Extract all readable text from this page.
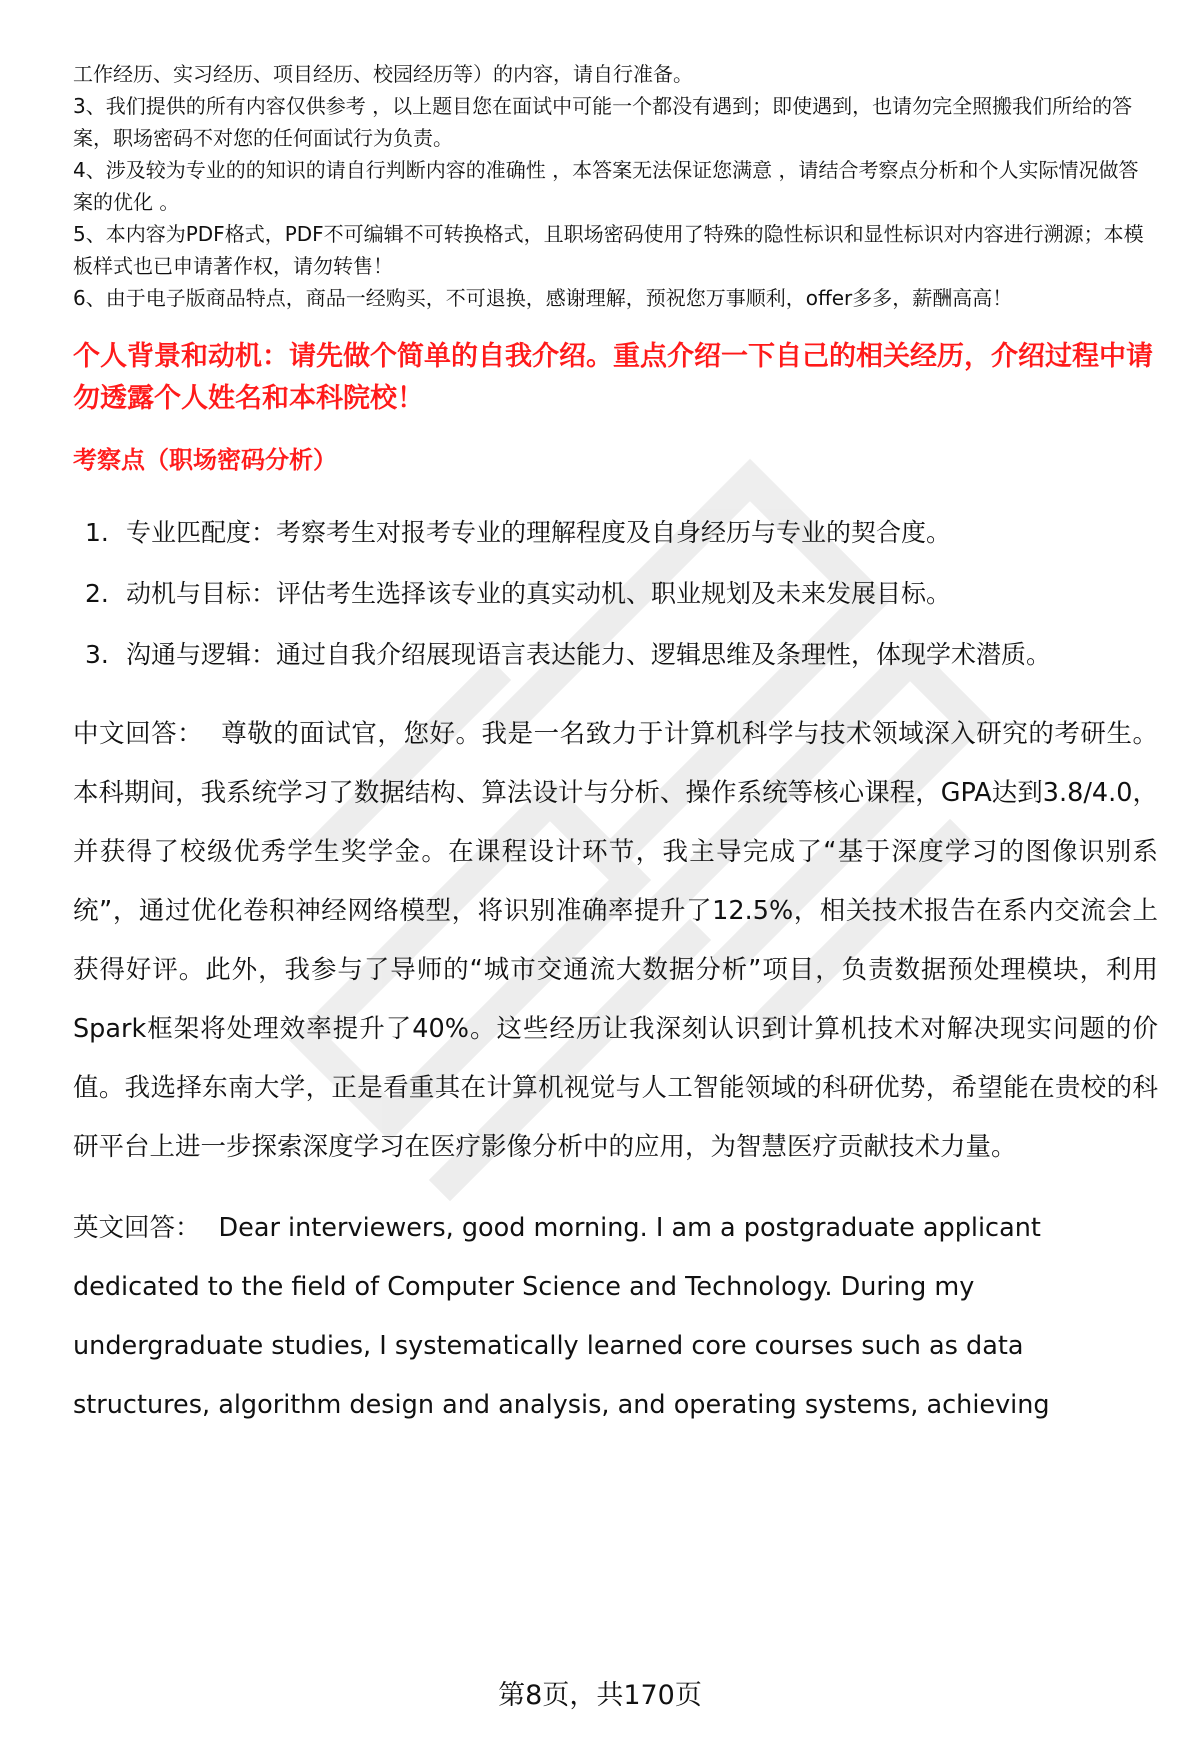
工作经历、实习经历、项目经历、校园经历等）的内容，请自行准备。

3、我们提供的所有内容仅供参考 ，以上题目您在面试中可能一个都没有遇到；即使遇到，也请勿完全照搬我们所给的答案，职场密码不对您的任何面试行为负责。

4、涉及较为专业的的知识的请自行判断内容的准确性 ，本答案无法保证您满意 ，请结合考察点分析和个人实际情况做答案的优化 。

5、本内容为PDF格式，PDF不可编辑不可转换格式，且职场密码使用了特殊的隐性标识和显性标识对内容进行溯源；本模板样式也已申请著作权，请勿转售！

6、由于电子版商品特点，商品一经购买，不可退换，感谢理解，预祝您万事顺利，offer多多，薪酬高高！

个人背景和动机：请先做个简单的自我介绍。重点介绍一下自己的相关经历，介绍过程中请勿透露个人姓名和本科院校！
考察点（职场密码分析）
1. 专业匹配度：考察考生对报考专业的理解程度及自身经历与专业的契合度。
2. 动机与目标：评估考生选择该专业的真实动机、职业规划及未来发展目标。
3. 沟通与逻辑：通过自我介绍展现语言表达能力、逻辑思维及条理性，体现学术潜质。

中文回答： 尊敬的面试官，您好。我是一名致力于计算机科学与技术领域深入研究的考研生。本科期间，我系统学习了数据结构、算法设计与分析、操作系统等核心课程，GPA达到3.8/4.0，并获得了校级优秀学生奖学金。在课程设计环节，我主导完成了“基于深度学习的图像识别系统”，通过优化卷积神经网络模型，将识别准确率提升了12.5%，相关技术报告在系内交流会上获得好评。此外，我参与了导师的“城市交通流大数据分析”项目，负责数据预处理模块，利用Spark框架将处理效率提升了40%。这些经历让我深刻认识到计算机技术对解决现实问题的价值。我选择东南大学，正是看重其在计算机视觉与人工智能领域的科研优势，希望能在贵校的科研平台上进一步探索深度学习在医疗影像分析中的应用，为智慧医疗贡献技术力量。

英文回答： Dear interviewers, good morning. I am a postgraduate applicant dedicated to the field of Computer Science and Technology. During my undergraduate studies, I systematically learned core courses such as data structures, algorithm design and analysis, and operating systems, achieving

第8页，共170页
